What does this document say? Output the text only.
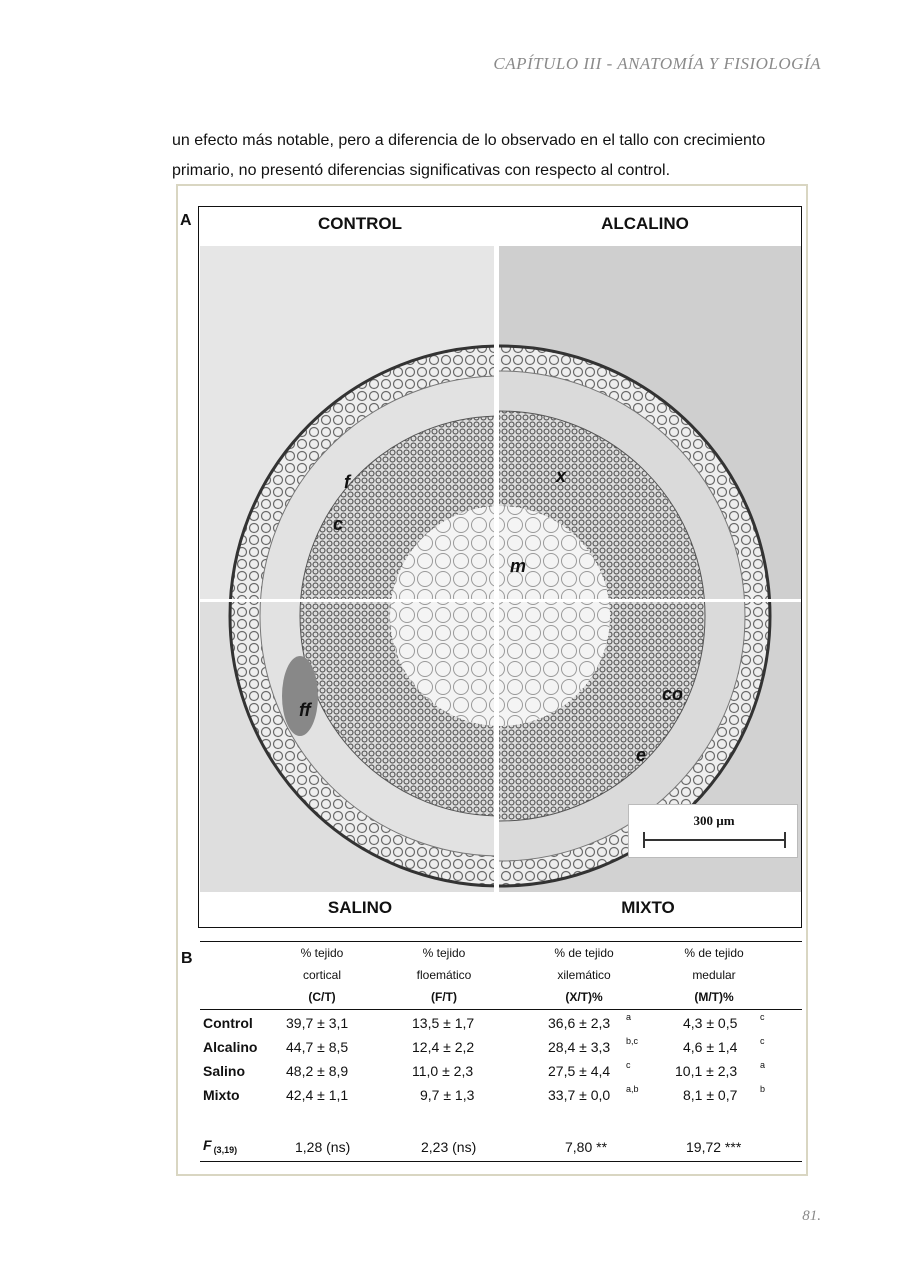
CAPÍTULO III - ANATOMÍA Y FISIOLOGÍA
un efecto más notable, pero a diferencia de lo observado en el tallo con crecimiento
primario, no presentó diferencias significativas con respecto al control.
A
B
CONTROL	ALCALINO
SALINO	MIXTO
f
c
x
m
ff
co
e
300 µm
% tejido
cortical
(C/T)
% tejido
floemático
(F/T)
% de tejido
xilemático
(X/T)%
% de tejido
medular
(M/T)%
Control 39,7 ± 3,1	13,5 ± 1,7	36,6 ± 2,3 a	4,3 ± 0,5	c
Alcalino 44,7 ± 8,5	12,4 ± 2,2	28,4 ± 3,3 b,c	4,6 ± 1,4	c
Salino	48,2 ± 8,9	11,0 ± 2,3	27,5 ± 4,4 c	10,1 ± 2,3	a
Mixto	42,4 ± 1,1	9,7 ± 1,3	33,7 ± 0,0 a,b	8,1 ± 0,7	b
F $_{(3,19)}$	1,28 (ns)	2,23 (ns)	7,80 **	19,72 ***
81.
